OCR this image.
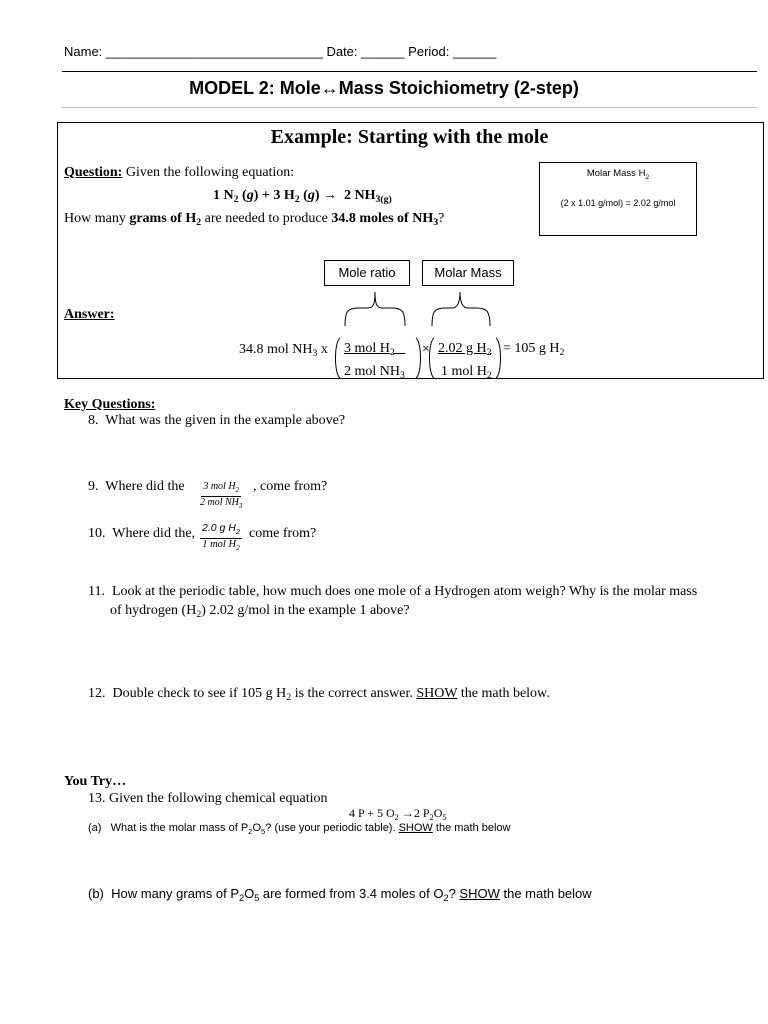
Name: ______________________________ Date: ______ Period: ______
MODEL 2: Mole↔Mass Stoichiometry (2-step)
Example: Starting with the mole
Question: Given the following equation:
1 $N_2$ (g) + 3 $H_2$ (g) → 2 $NH_{3(g)}$
How many grams of $H_2$ are needed to produce 34.8 moles of $NH_3$?
Molar Mass $H_2$
(2 x 1.01 g/mol) = 2.02 g/mol
Mole ratio	Molar Mass
Answer:
34.8 mol $NH_3$ x 3 mol $H_2$
2 mol $NH_3$
× 2.02 g $H_2$
1 mol $H_2$
= 105 g $H_2$
Key Questions:
8. What was the given in the example above?
9. Where did the $\frac{3 mol H_2}{2 mol NH_3}$ , come from?
10. Where did the, $\frac{2.0 g H_2}{1 mol H_2}$ come from?
11. Look at the periodic table, how much does one mole of a Hydrogen atom weigh? Why is the molar mass
of hydrogen $(H_2)$ 2.02 g/mol in the example 1 above?
12. Double check to see if 105 g $H_2$ is the correct answer. SHOW the math below.
You Try…
13. Given the following chemical equation
4 P + 5 $O_2 \to 2$ $P_2O_5$
(a) What is the molar mass of $P_2O_5$? (use your periodic table). SHOW the math below
(b) How many grams of $P_2O_5$ are formed from 3.4 moles of $O_2$? SHOW the math below
